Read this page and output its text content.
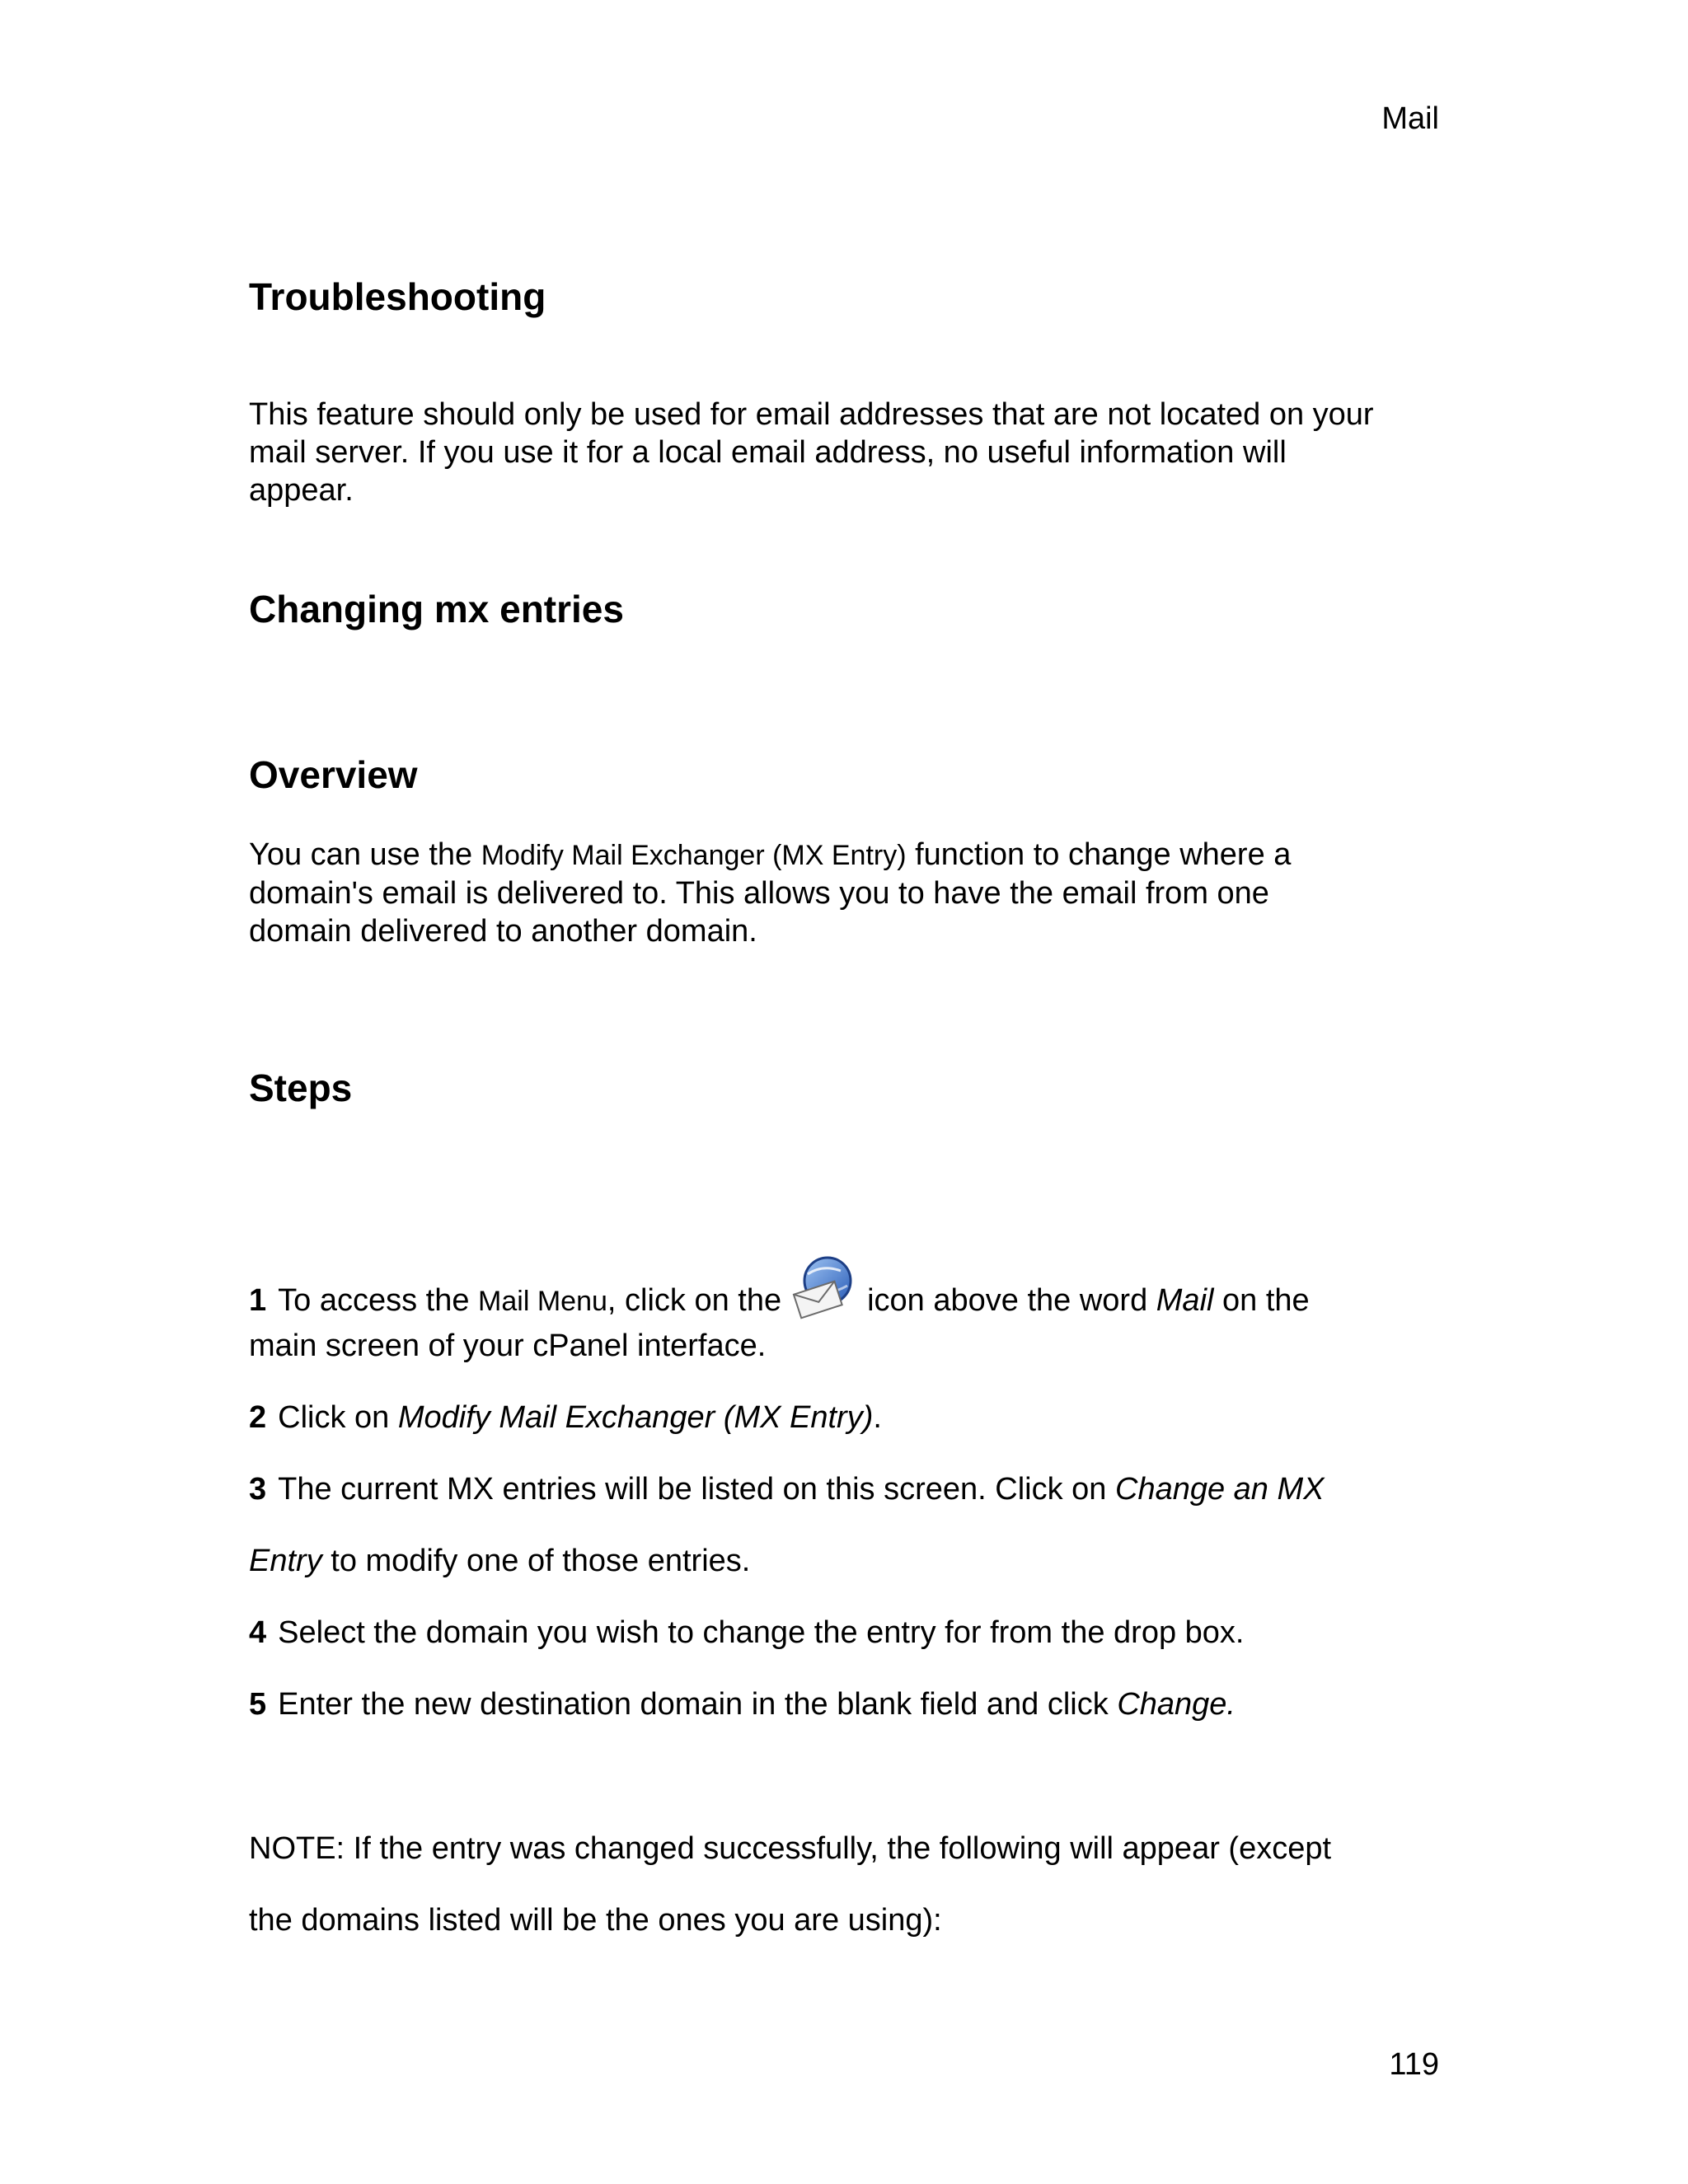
Mail
Troubleshooting
This feature should only be used for email addresses that are not located on your
mail server. If you use it for a local email address, no useful information will
appear.
Changing mx entries
Overview
You can use the Modify Mail Exchanger (MX Entry) function to change where a
domain's email is delivered to. This allows you to have the email from one
domain delivered to another domain.
Steps
1 To access the Mail Menu, click on the	icon above the word Mail on the
main screen of your cPanel interface.
2 Click on Modify Mail Exchanger (MX Entry).
3 The current MX entries will be listed on this screen. Click on Change an MX
Entry to modify one of those entries.
4 Select the domain you wish to change the entry for from the drop box.
5 Enter the new destination domain in the blank field and click Change.
NOTE: If the entry was changed successfully, the following will appear (except
the domains listed will be the ones you are using):
119
